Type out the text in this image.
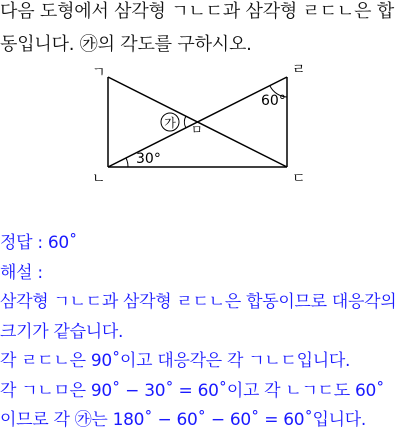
다음 도형에서 삼각형 ㄱㄴㄷ과 삼각형 ㄹㄷㄴ은 합
동입니다. ㉮의 각도를 구하시오.
ㄱ	ㄹ
ㄴ	ㄷ
ㅁ
가
60°
30°
정답 : 60˚
해설 :
삼각형 ㄱㄴㄷ과 삼각형 ㄹㄷㄴ은 합동이므로 대응각의
크기가 같습니다.
각 ㄹㄷㄴ은 90˚이고 대응각은 각 ㄱㄴㄷ입니다.
각 ㄱㄴㅁ은 90˚ − 30˚ = 60˚이고 각 ㄴㄱㄷ도 60˚
이므로 각 ㉮는 180˚ − 60˚ − 60˚ = 60˚입니다.
